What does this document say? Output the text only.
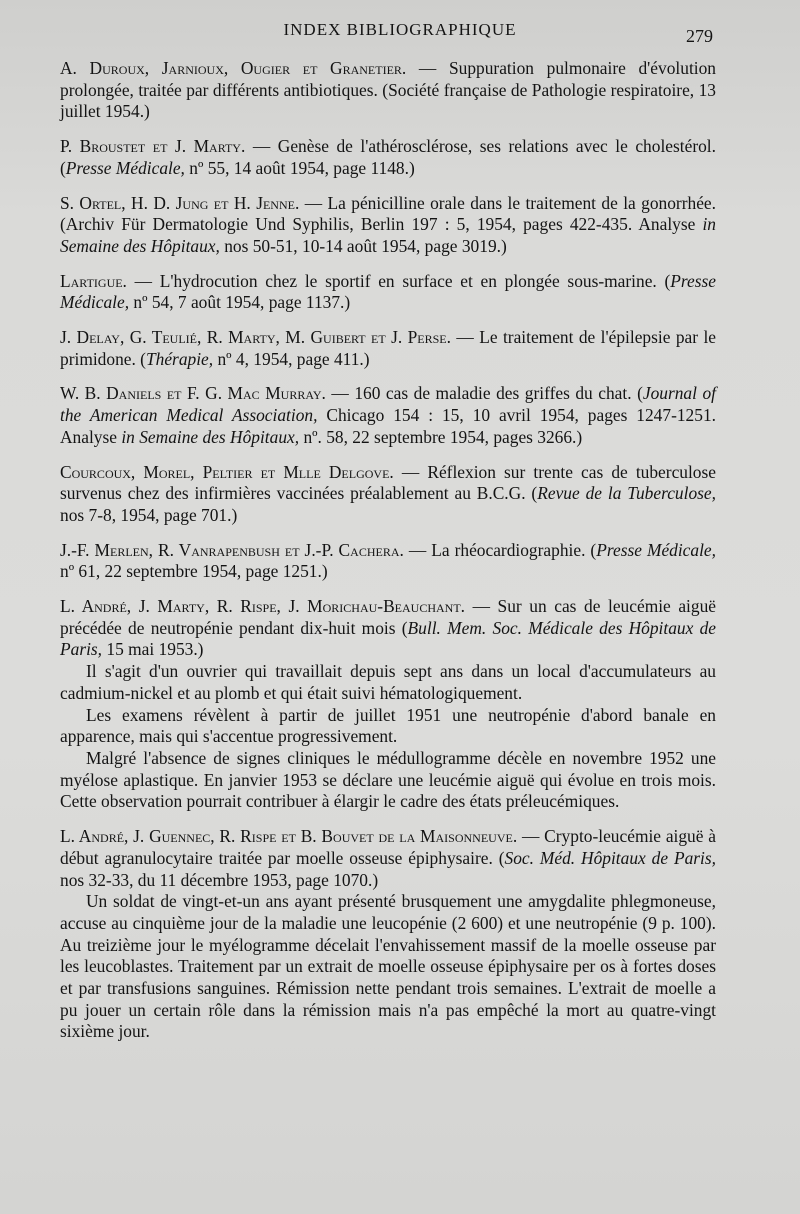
INDEX BIBLIOGRAPHIQUE	279

A. Duroux, Jarnioux, Ougier et Granetier. — Suppuration pulmonaire d'évolution prolongée, traitée par différents antibiotiques. (Société française de Pathologie respiratoire, 13 juillet 1954.)

P. Broustet et J. Marty. — Genèse de l'athérosclérose, ses relations avec le cholestérol. (Presse Médicale, nº 55, 14 août 1954, page 1148.)

S. Ortel, H. D. Jung et H. Jenne. — La pénicilline orale dans le traitement de la gonorrhée. (Archiv Für Dermatologie Und Syphilis, Berlin 197 : 5, 1954, pages 422-435. Analyse in Semaine des Hôpitaux, nos 50-51, 10-14 août 1954, page 3019.)

Lartigue. — L'hydrocution chez le sportif en surface et en plongée sous-marine. (Presse Médicale, nº 54, 7 août 1954, page 1137.)

J. Delay, G. Teulié, R. Marty, M. Guibert et J. Perse. — Le traitement de l'épilepsie par le primidone. (Thérapie, nº 4, 1954, page 411.)

W. B. Daniels et F. G. Mac Murray. — 160 cas de maladie des griffes du chat. (Journal of the American Medical Association, Chicago 154 : 15, 10 avril 1954, pages 1247-1251. Analyse in Semaine des Hôpitaux, nº. 58, 22 septembre 1954, pages 3266.)

Courcoux, Morel, Peltier et Mlle Delgove. — Réflexion sur trente cas de tuberculose survenus chez des infirmières vaccinées préalablement au B.C.G. (Revue de la Tuberculose, nos 7-8, 1954, page 701.)

J.-F. Merlen, R. Vanrapenbush et J.-P. Cachera. — La rhéocardiographie. (Presse Médicale, nº 61, 22 septembre 1954, page 1251.)

L. André, J. Marty, R. Rispe, J. Morichau-Beauchant. — Sur un cas de leucémie aiguë précédée de neutropénie pendant dix-huit mois (Bull. Mem. Soc. Médicale des Hôpitaux de Paris, 15 mai 1953.)

Il s'agit d'un ouvrier qui travaillait depuis sept ans dans un local d'accumulateurs au cadmium-nickel et au plomb et qui était suivi hématologiquement.

Les examens révèlent à partir de juillet 1951 une neutropénie d'abord banale en apparence, mais qui s'accentue progressivement.

Malgré l'absence de signes cliniques le médullogramme décèle en novembre 1952 une myélose aplastique. En janvier 1953 se déclare une leucémie aiguë qui évolue en trois mois. Cette observation pourrait contribuer à élargir le cadre des états préleucémiques.

L. André, J. Guennec, R. Rispe et B. Bouvet de la Maisonneuve. — Crypto-leucémie aiguë à début agranulocytaire traitée par moelle osseuse épiphysaire. (Soc. Méd. Hôpitaux de Paris, nos 32-33, du 11 décembre 1953, page 1070.)

Un soldat de vingt-et-un ans ayant présenté brusquement une amygdalite phlegmoneuse, accuse au cinquième jour de la maladie une leucopénie (2 600) et une neutropénie (9 p. 100). Au treizième jour le myélogramme décelait l'envahissement massif de la moelle osseuse par les leucoblastes. Traitement par un extrait de moelle osseuse épiphysaire per os à fortes doses et par transfusions sanguines. Rémission nette pendant trois semaines. L'extrait de moelle a pu jouer un certain rôle dans la rémission mais n'a pas empêché la mort au quatre-vingt sixième jour.
